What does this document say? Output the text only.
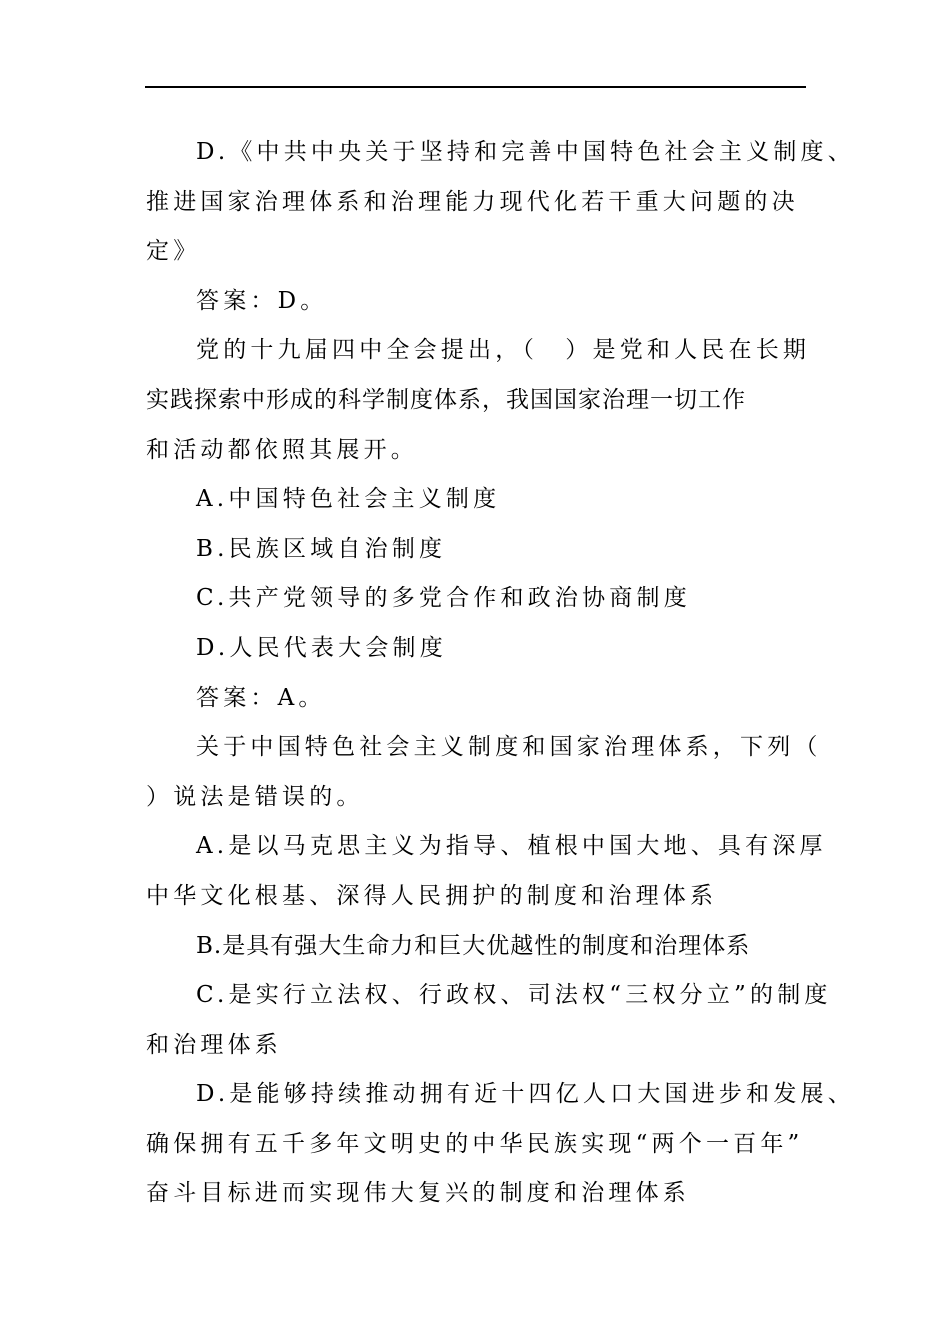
D.《中共中央关于坚持和完善中国特色社会主义制度、
推进国家治理体系和治理能力现代化若干重大问题的决
定》
答案：D。
党的十九届四中全会提出，（　）是党和人民在长期
实践探索中形成的科学制度体系，我国国家治理一切工作
和活动都依照其展开。
A.中国特色社会主义制度
B.民族区域自治制度
C.共产党领导的多党合作和政治协商制度
D.人民代表大会制度
答案：A。
关于中国特色社会主义制度和国家治理体系，下列（
）说法是错误的。
A.是以马克思主义为指导、植根中国大地、具有深厚
中华文化根基、深得人民拥护的制度和治理体系
B.是具有强大生命力和巨大优越性的制度和治理体系
C.是实行立法权、行政权、司法权“三权分立”的制度
和治理体系
D.是能够持续推动拥有近十四亿人口大国进步和发展、
确保拥有五千多年文明史的中华民族实现“两个一百年”
奋斗目标进而实现伟大复兴的制度和治理体系
